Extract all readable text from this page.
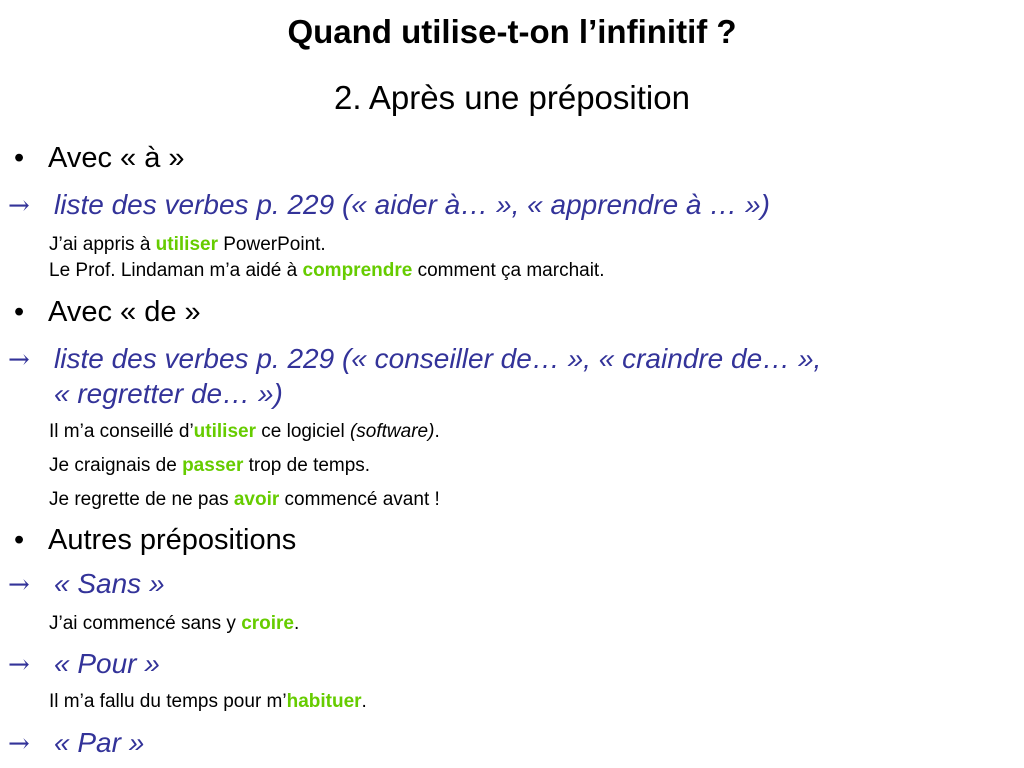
Quand utilise-t-on l’infinitif ?
2. Après une préposition
• Avec « à »
→ liste des verbes p. 229 (« aider à… », « apprendre à … »)
J’ai appris à utiliser PowerPoint.
Le Prof. Lindaman m’a aidé à comprendre comment ça marchait.
• Avec « de »
→ liste des verbes p. 229 (« conseiller de… », « craindre de… »,
« regretter de… »)
Il m’a conseillé d’utiliser ce logiciel (software).
Je craignais de passer trop de temps.
Je regrette de ne pas avoir commencé avant !
• Autres prépositions
→ « Sans »
J’ai commencé sans y croire.
→ « Pour »
Il m’a fallu du temps pour m’habituer.
→ « Par »
